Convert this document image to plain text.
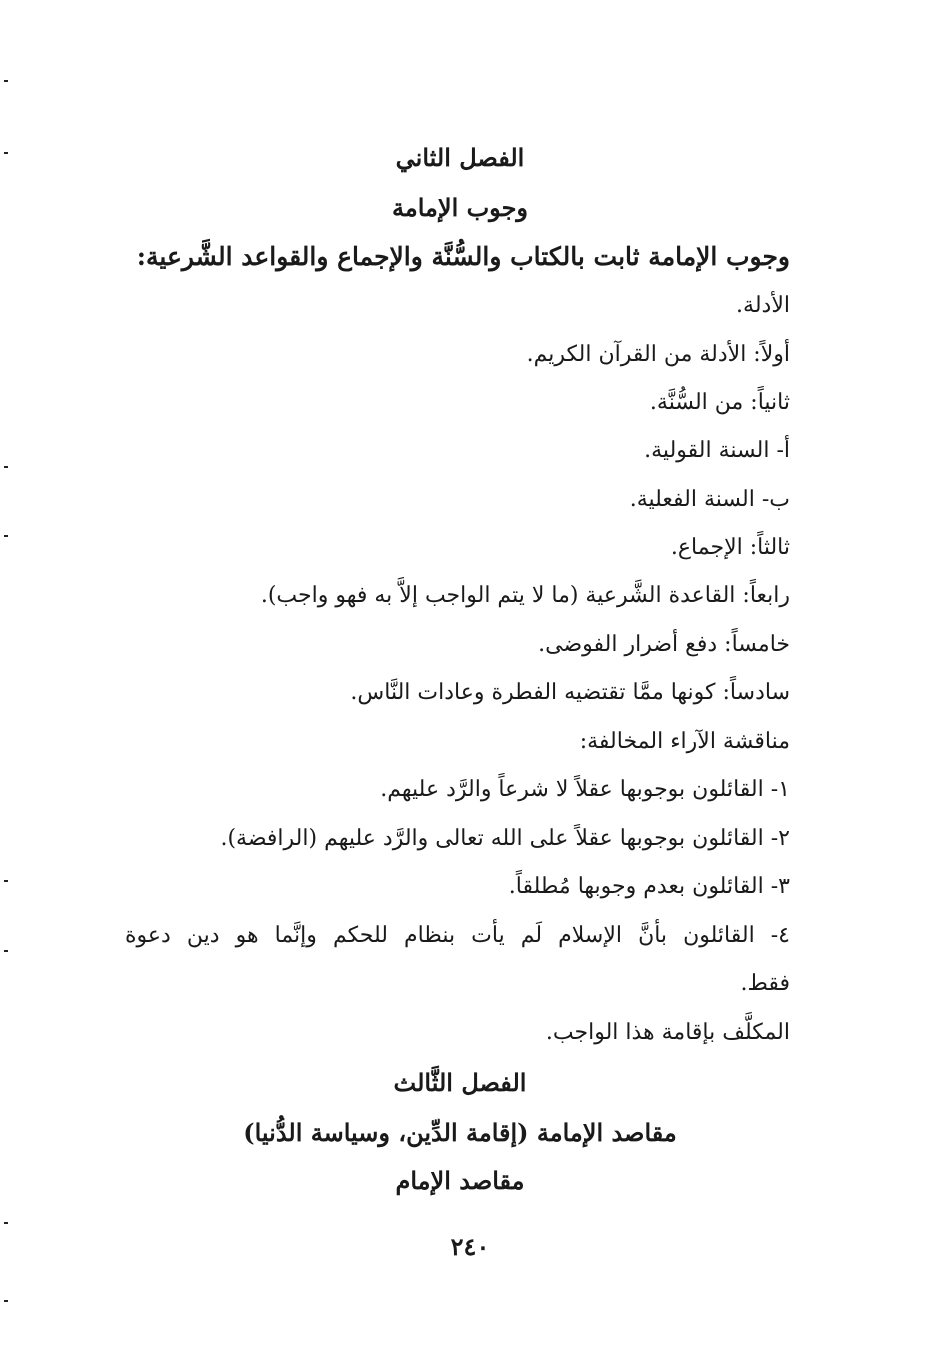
الفصل الثاني
وجوب الإمامة
وجوب الإمامة ثابت بالكتاب والسُّنَّة والإجماع والقواعد الشَّرعية:
الأدلة.
أولاً: الأدلة من القرآن الكريم.
ثانياً: من السُّنَّة.
أ- السنة القولية.
ب- السنة الفعلية.
ثالثاً: الإجماع.
رابعاً: القاعدة الشَّرعية (ما لا يتم الواجب إلاَّ به فهو واجب).
خامساً: دفع أضرار الفوضى.
سادساً: كونها ممَّا تقتضيه الفطرة وعادات النَّاس.
مناقشة الآراء المخالفة:
١- القائلون بوجوبها عقلاً لا شرعاً والرَّد عليهم.
٢- القائلون بوجوبها عقلاً على الله تعالى والرَّد عليهم (الرافضة).
٣- القائلون بعدم وجوبها مُطلقاً.
٤- القائلون بأنَّ الإسلام لَم يأت بنظام للحكم وإنَّما هو دين دعوة
فقط.
المكلَّف بإقامة هذا الواجب.
الفصل الثَّالث
مقاصد الإمامة (إقامة الدِّين، وسياسة الدُّنيا)
مقاصد الإمام
٢٤٠
